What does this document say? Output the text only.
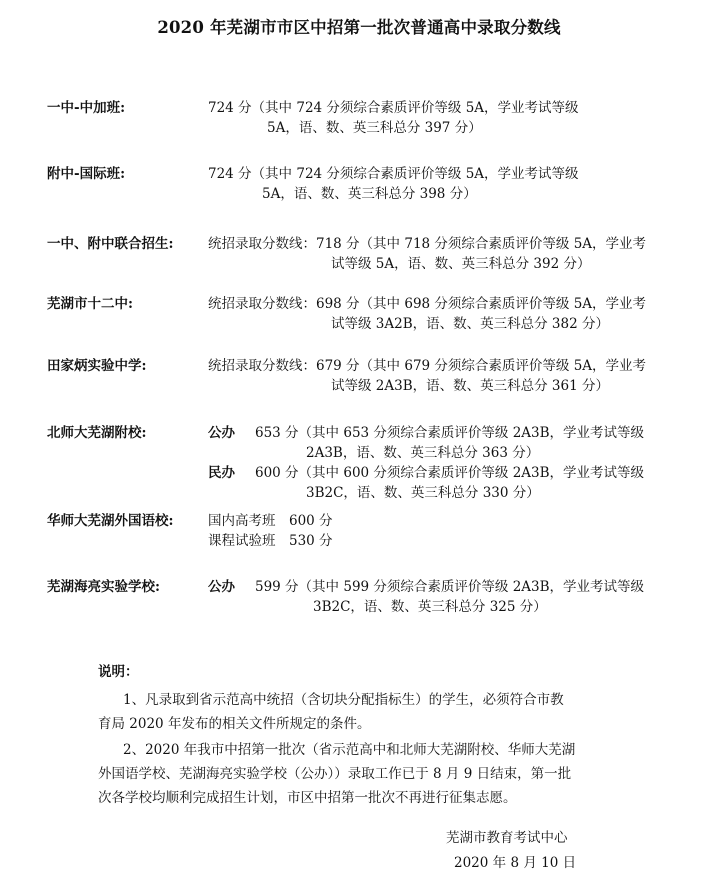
2020 年芜湖市市区中招第一批次普通高中录取分数线
一中-中加班:	724 分（其中 724 分须综合素质评价等级 5A，学业考试等级
5A，语、数、英三科总分 397 分）
附中-国际班:	724 分（其中 724 分须综合素质评价等级 5A，学业考试等级
5A，语、数、英三科总分 398 分）
一中、附中联合招生:	统招录取分数线：718 分（其中 718 分须综合素质评价等级 5A，学业考
试等级 5A，语、数、英三科总分 392 分）
芜湖市十二中:	统招录取分数线：698 分（其中 698 分须综合素质评价等级 5A，学业考
试等级 3A2B，语、数、英三科总分 382 分）
田家炳实验中学:	统招录取分数线：679 分（其中 679 分须综合素质评价等级 5A，学业考
试等级 2A3B，语、数、英三科总分 361 分）
北师大芜湖附校:	公办 653 分（其中 653 分须综合素质评价等级 2A3B，学业考试等级
2A3B，语、数、英三科总分 363 分）
民办 600 分（其中 600 分须综合素质评价等级 2A3B，学业考试等级
3B2C，语、数、英三科总分 330 分）
华师大芜湖外国语校:	国内高考班　600 分
课程试验班　530 分
芜湖海亮实验学校:	公办 599 分（其中 599 分须综合素质评价等级 2A3B，学业考试等级
3B2C，语、数、英三科总分 325 分）
说明：
1、凡录取到省示范高中统招（含切块分配指标生）的学生，必须符合市教
育局 2020 年发布的相关文件所规定的条件。
2、2020 年我市中招第一批次（省示范高中和北师大芜湖附校、华师大芜湖
外国语学校、芜湖海亮实验学校（公办））录取工作已于 8 月 9 日结束，第一批
次各学校均顺利完成招生计划，市区中招第一批次不再进行征集志愿。
芜湖市教育考试中心
2020 年 8 月 10 日
